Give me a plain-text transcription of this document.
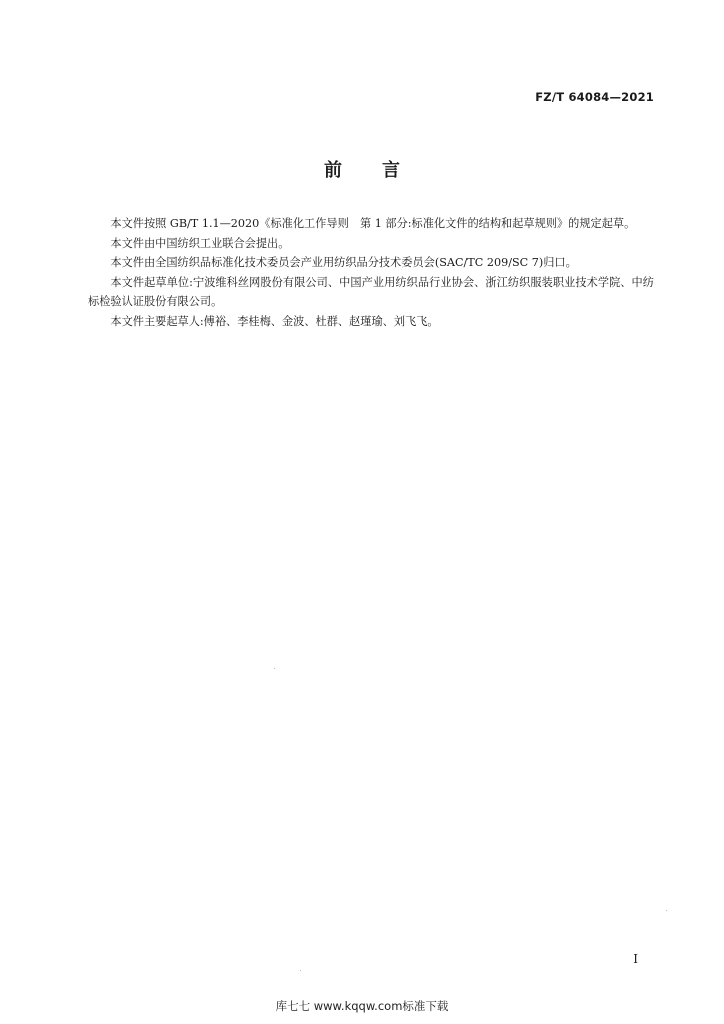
FZ/T 64084—2021
前言

本文件按照 GB/T 1.1—2020《标准化工作导则　第 1 部分:标准化文件的结构和起草规则》的规定起草。

本文件由中国纺织工业联合会提出。

本文件由全国纺织品标准化技术委员会产业用纺织品分技术委员会(SAC/TC 209/SC 7)归口。

本文件起草单位:宁波维科丝网股份有限公司、中国产业用纺织品行业协会、浙江纺织服装职业技术学院、中纺标检验认证股份有限公司。

本文件主要起草人:傅裕、李桂梅、金波、杜群、赵瑾瑜、刘飞飞。

I
库七七 www.kqqw.com标准下载
